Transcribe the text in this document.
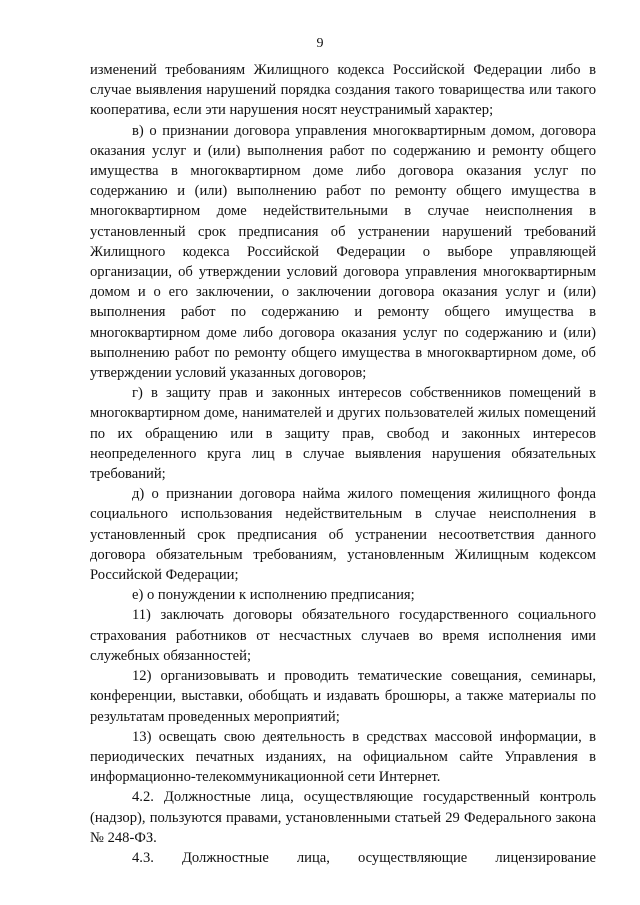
9

изменений требованиям Жилищного кодекса Российской Федерации либо в случае выявления нарушений порядка создания такого товарищества или такого кооператива, если эти нарушения носят неустранимый характер;

в) о признании договора управления многоквартирным домом, договора оказания услуг и (или) выполнения работ по содержанию и ремонту общего имущества в многоквартирном доме либо договора оказания услуг по содержанию и (или) выполнению работ по ремонту общего имущества в многоквартирном доме недействительными в случае неисполнения в установленный срок предписания об устранении нарушений требований Жилищного кодекса Российской Федерации о выборе управляющей организации, об утверждении условий договора управления многоквартирным домом и о его заключении, о заключении договора оказания услуг и (или) выполнения работ по содержанию и ремонту общего имущества в многоквартирном доме либо договора оказания услуг по содержанию и (или) выполнению работ по ремонту общего имущества в многоквартирном доме, об утверждении условий указанных договоров;

г) в защиту прав и законных интересов собственников помещений в многоквартирном доме, нанимателей и других пользователей жилых помещений по их обращению или в защиту прав, свобод и законных интересов неопределенного круга лиц в случае выявления нарушения обязательных требований;

д) о признании договора найма жилого помещения жилищного фонда социального использования недействительным в случае неисполнения в установленный срок предписания об устранении несоответствия данного договора обязательным требованиям, установленным Жилищным кодексом Российской Федерации;

е) о понуждении к исполнению предписания;

11) заключать договоры обязательного государственного социального страхования работников от несчастных случаев во время исполнения ими служебных обязанностей;

12) организовывать и проводить тематические совещания, семинары, конференции, выставки, обобщать и издавать брошюры, а также материалы по результатам проведенных мероприятий;

13) освещать свою деятельность в средствах массовой информации, в периодических печатных изданиях, на официальном сайте Управления в информационно-телекоммуникационной сети Интернет.

4.2. Должностные лица, осуществляющие государственный контроль (надзор), пользуются правами, установленными статьей 29 Федерального закона № 248-ФЗ.

4.3. Должностные лица, осуществляющие лицензирование
